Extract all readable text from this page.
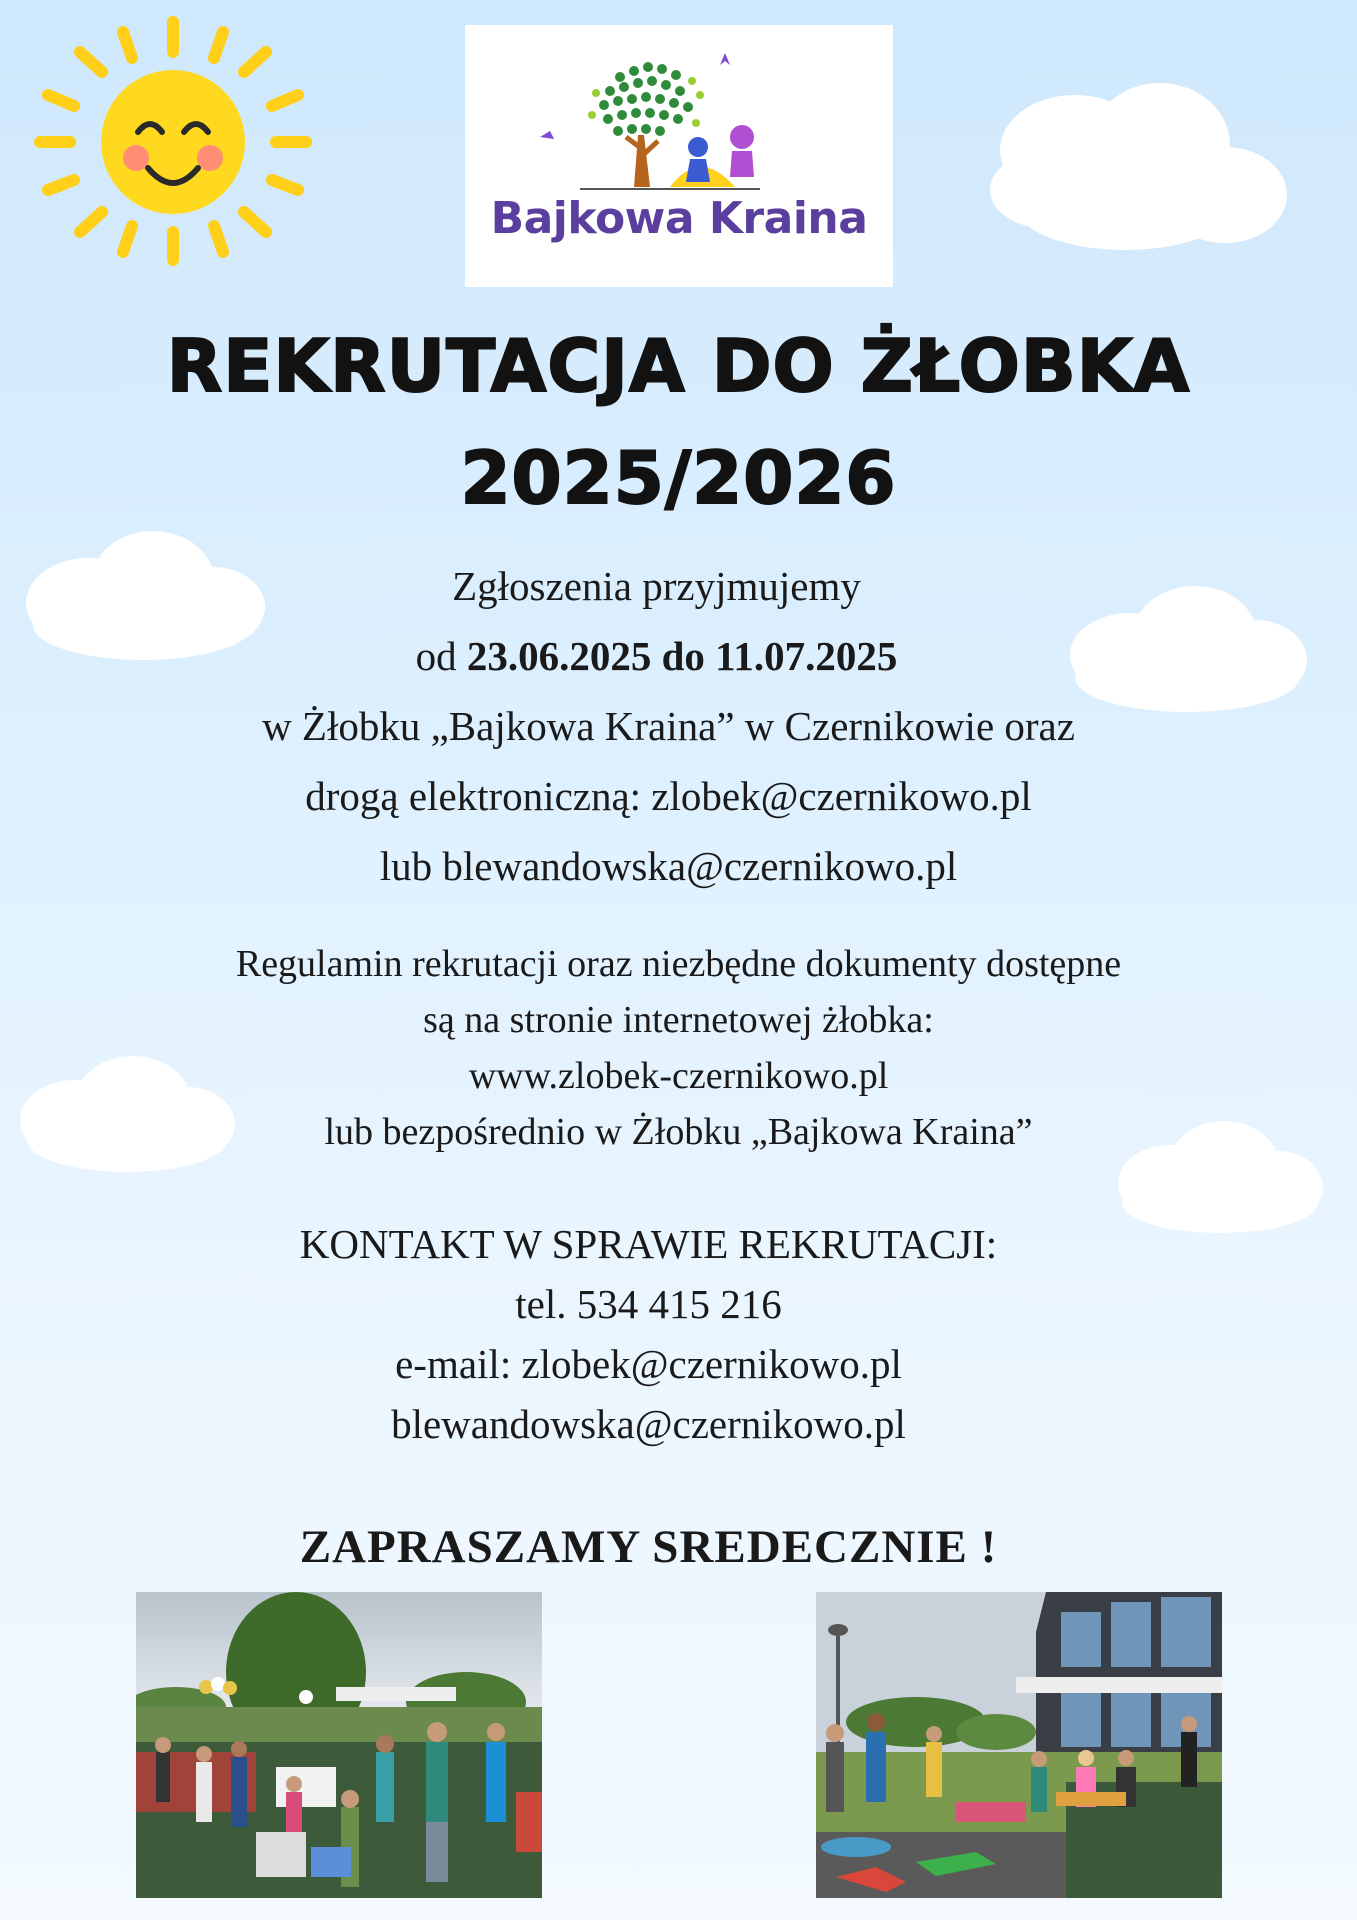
Bajkowa Kraina
REKRUTACJA DO ŻŁOBKA
2025/2026
Zgłoszenia przyjmujemy
od 23.06.2025 do 11.07.2025
w Żłobku „Bajkowa Kraina” w Czernikowie oraz
drogą elektroniczną: zlobek@czernikowo.pl
lub blewandowska@czernikowo.pl
Regulamin rekrutacji oraz niezbędne dokumenty dostępne
są na stronie internetowej żłobka:
www.zlobek-czernikowo.pl
lub bezpośrednio w Żłobku „Bajkowa Kraina”
KONTAKT W SPRAWIE REKRUTACJI:
tel. 534 415 216
e-mail: zlobek@czernikowo.pl
blewandowska@czernikowo.pl
ZAPRASZAMY SREDECZNIE !
